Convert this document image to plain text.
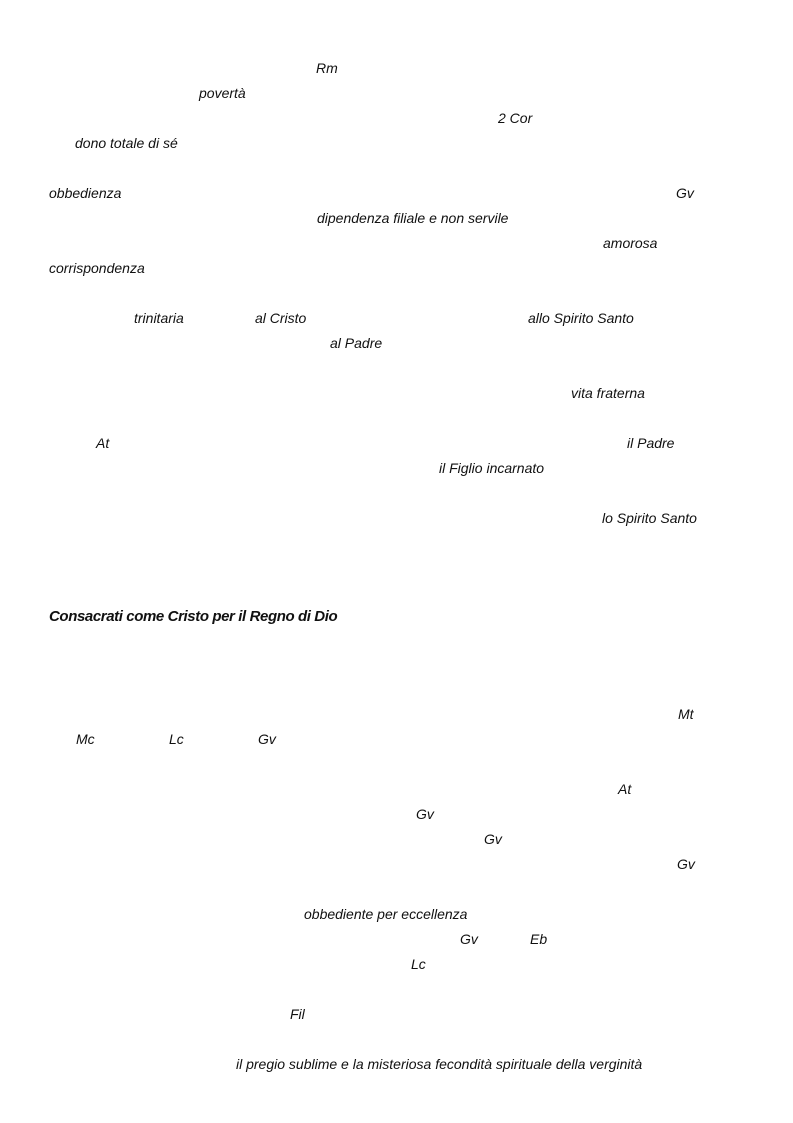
Rm
povertà
2 Cor
dono totale di sé
obbedienza	Gv
dipendenza filiale e non servile
amorosa
corrispondenza
trinitaria	al Cristo	allo Spirito Santo
al Padre
vita fraterna
At	il Padre
il Figlio incarnato
lo Spirito Santo
Consacrati come Cristo per il Regno di Dio
Mt
Mc	Lc	Gv
At
Gv
Gv
Gv
obbediente per eccellenza
Gv	Eb
Lc
Fil
il pregio sublime e la misteriosa fecondità spirituale della verginità
